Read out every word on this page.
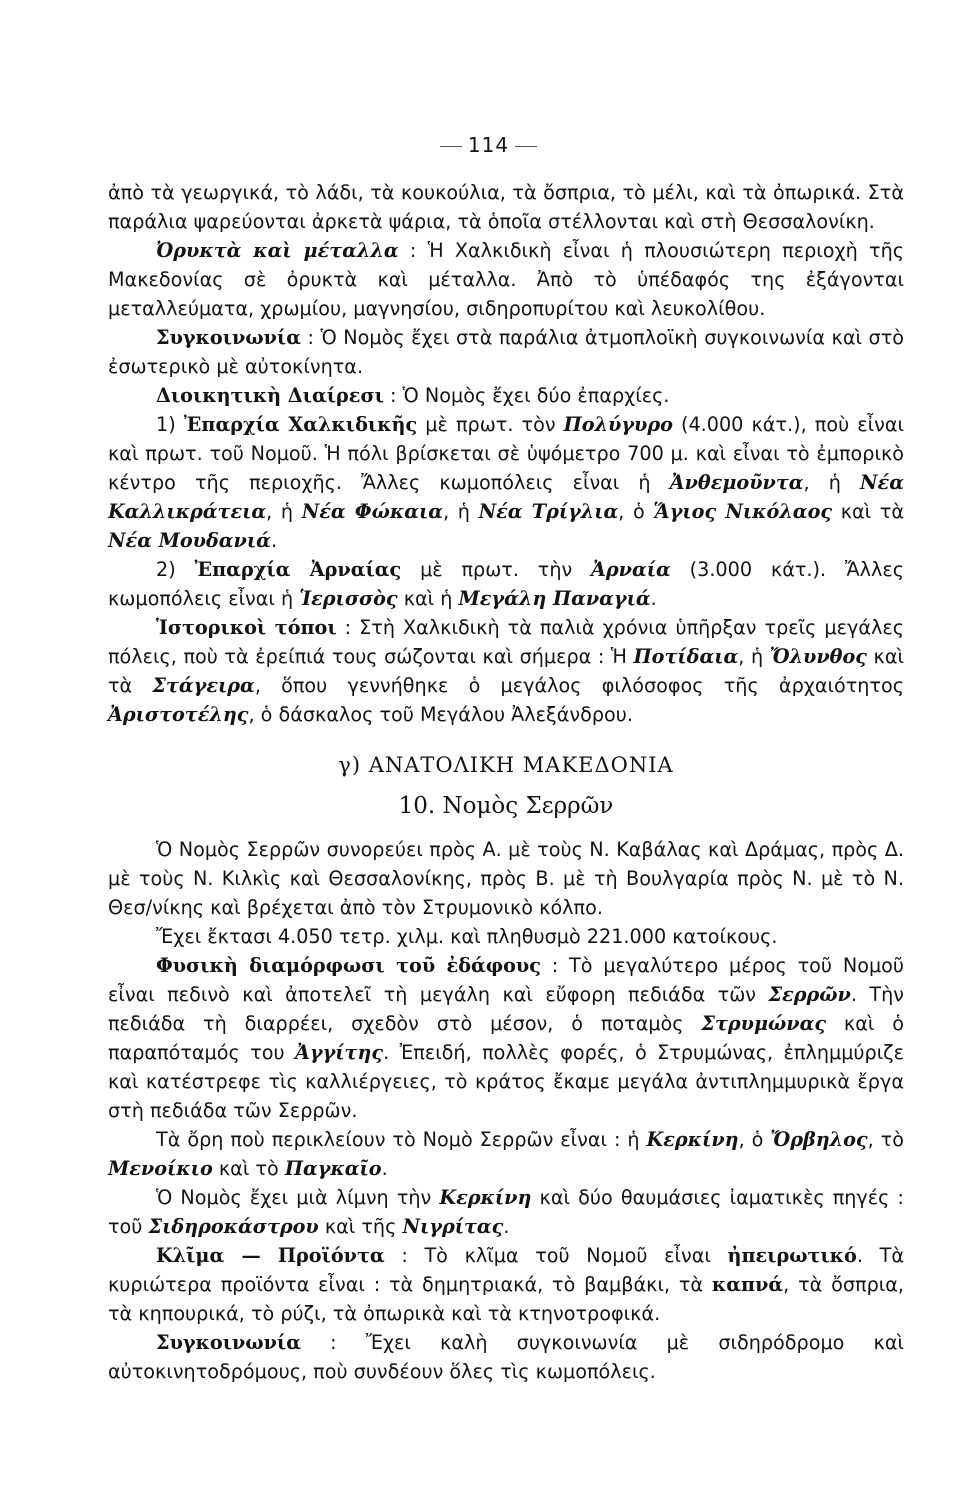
114

ἀπὸ τὰ γεωργικά, τὸ λάδι, τὰ κουκούλια, τὰ ὄσπρια, τὸ μέλι, καὶ τὰ ὀπωρικά. Στὰ παράλια ψαρεύονται ἀρκετὰ ψάρια, τὰ ὁποῖα στέλλονται καὶ στὴ Θεσσαλονίκη.

Ὀρυκτὰ καὶ μέταλλα : Ἡ Χαλκιδικὴ εἶναι ἡ πλουσιώτερη περιοχὴ τῆς Μακεδονίας σὲ ὀρυκτὰ καὶ μέταλλα. Ἀπὸ τὸ ὑπέδαφός της ἐξάγονται μεταλλεύματα, χρωμίου, μαγνησίου, σιδηροπυρίτου καὶ λευκολίθου.

Συγκοινωνία : Ὁ Νομὸς ἔχει στὰ παράλια ἀτμοπλοϊκὴ συγκοινωνία καὶ στὸ ἐσωτερικὸ μὲ αὐτοκίνητα.

Διοικητικὴ Διαίρεσι : Ὁ Νομὸς ἔχει δύο ἐπαρχίες.

1) Ἐπαρχία Χαλκιδικῆς μὲ πρωτ. τὸν Πολύγυρο (4.000 κάτ.), ποὺ εἶναι καὶ πρωτ. τοῦ Νομοῦ. Ἡ πόλι βρίσκεται σὲ ὑψόμετρο 700 μ. καὶ εἶναι τὸ ἐμπορικὸ κέντρο τῆς περιοχῆς. Ἄλλες κωμοπόλεις εἶναι ἡ Ἀνθεμοῦντα, ἡ Νέα Καλλικράτεια, ἡ Νέα Φώκαια, ἡ Νέα Τρίγλια, ὁ Ἅγιος Νικόλαος καὶ τὰ Νέα Μουδανιά.

2) Ἐπαρχία Ἀρναίας μὲ πρωτ. τὴν Ἀρναία (3.000 κάτ.). Ἄλλες κωμοπόλεις εἶναι ἡ Ἱερισσὸς καὶ ἡ Μεγάλη Παναγιά.

Ἱστορικοὶ τόποι : Στὴ Χαλκιδικὴ τὰ παλιὰ χρόνια ὑπῆρξαν τρεῖς μεγάλες πόλεις, ποὺ τὰ ἐρείπιά τους σώζονται καὶ σήμερα : Ἡ Ποτίδαια, ἡ Ὄλυνθος καὶ τὰ Στάγειρα, ὅπου γεννήθηκε ὁ μεγάλος φιλόσοφος τῆς ἀρχαιότητος Ἀριστοτέλης, ὁ δάσκαλος τοῦ Μεγάλου Ἀλεξάνδρου.

γ) ΑΝΑΤΟΛΙΚΗ ΜΑΚΕΔΟΝΙΑ

10. Νομὸς Σερρῶν

Ὁ Νομὸς Σερρῶν συνορεύει πρὸς Α. μὲ τοὺς Ν. Καβάλας καὶ Δράμας, πρὸς Δ. μὲ τοὺς Ν. Κιλκὶς καὶ Θεσσαλονίκης, πρὸς Β. μὲ τὴ Βουλγαρία πρὸς Ν. μὲ τὸ Ν. Θεσ/νίκης καὶ βρέχεται ἀπὸ τὸν Στρυμονικὸ κόλπο.

Ἔχει ἔκτασι 4.050 τετρ. χιλμ. καὶ πληθυσμὸ 221.000 κατοίκους.

Φυσικὴ διαμόρφωσι τοῦ ἐδάφους : Τὸ μεγαλύτερο μέρος τοῦ Νομοῦ εἶναι πεδινὸ καὶ ἀποτελεῖ τὴ μεγάλη καὶ εὔφορη πεδιάδα τῶν Σερρῶν. Τὴν πεδιάδα τὴ διαρρέει, σχεδὸν στὸ μέσον, ὁ ποταμὸς Στρυμώνας καὶ ὁ παραπόταμός του Ἀγγίτης. Ἐπειδή, πολλὲς φορές, ὁ Στρυμώνας, ἐπλημμύριζε καὶ κατέστρεφε τὶς καλλιέργειες, τὸ κράτος ἔκαμε μεγάλα ἀντιπλημμυρικὰ ἔργα στὴ πεδιάδα τῶν Σερρῶν.

Τὰ ὄρη ποὺ περικλείουν τὸ Νομὸ Σερρῶν εἶναι : ἡ Κερκίνη, ὁ Ὄρβηλος, τὸ Μενοίκιο καὶ τὸ Παγκαῖο.

Ὁ Νομὸς ἔχει μιὰ λίμνη τὴν Κερκίνη καὶ δύο θαυμάσιες ἰαματικὲς πηγές : τοῦ Σιδηροκάστρου καὶ τῆς Νιγρίτας.

Κλῖμα — Προϊόντα : Τὸ κλῖμα τοῦ Νομοῦ εἶναι ἠπειρωτικό. Τὰ κυριώτερα προϊόντα εἶναι : τὰ δημητριακά, τὸ βαμβάκι, τὰ καπνά, τὰ ὄσπρια, τὰ κηπουρικά, τὸ ρύζι, τὰ ὀπωρικὰ καὶ τὰ κτηνοτροφικά.

Συγκοινωνία : Ἔχει καλὴ συγκοινωνία μὲ σιδηρόδρομο καὶ αὐτοκινητοδρόμους, ποὺ συνδέουν ὅλες τὶς κωμοπόλεις.
